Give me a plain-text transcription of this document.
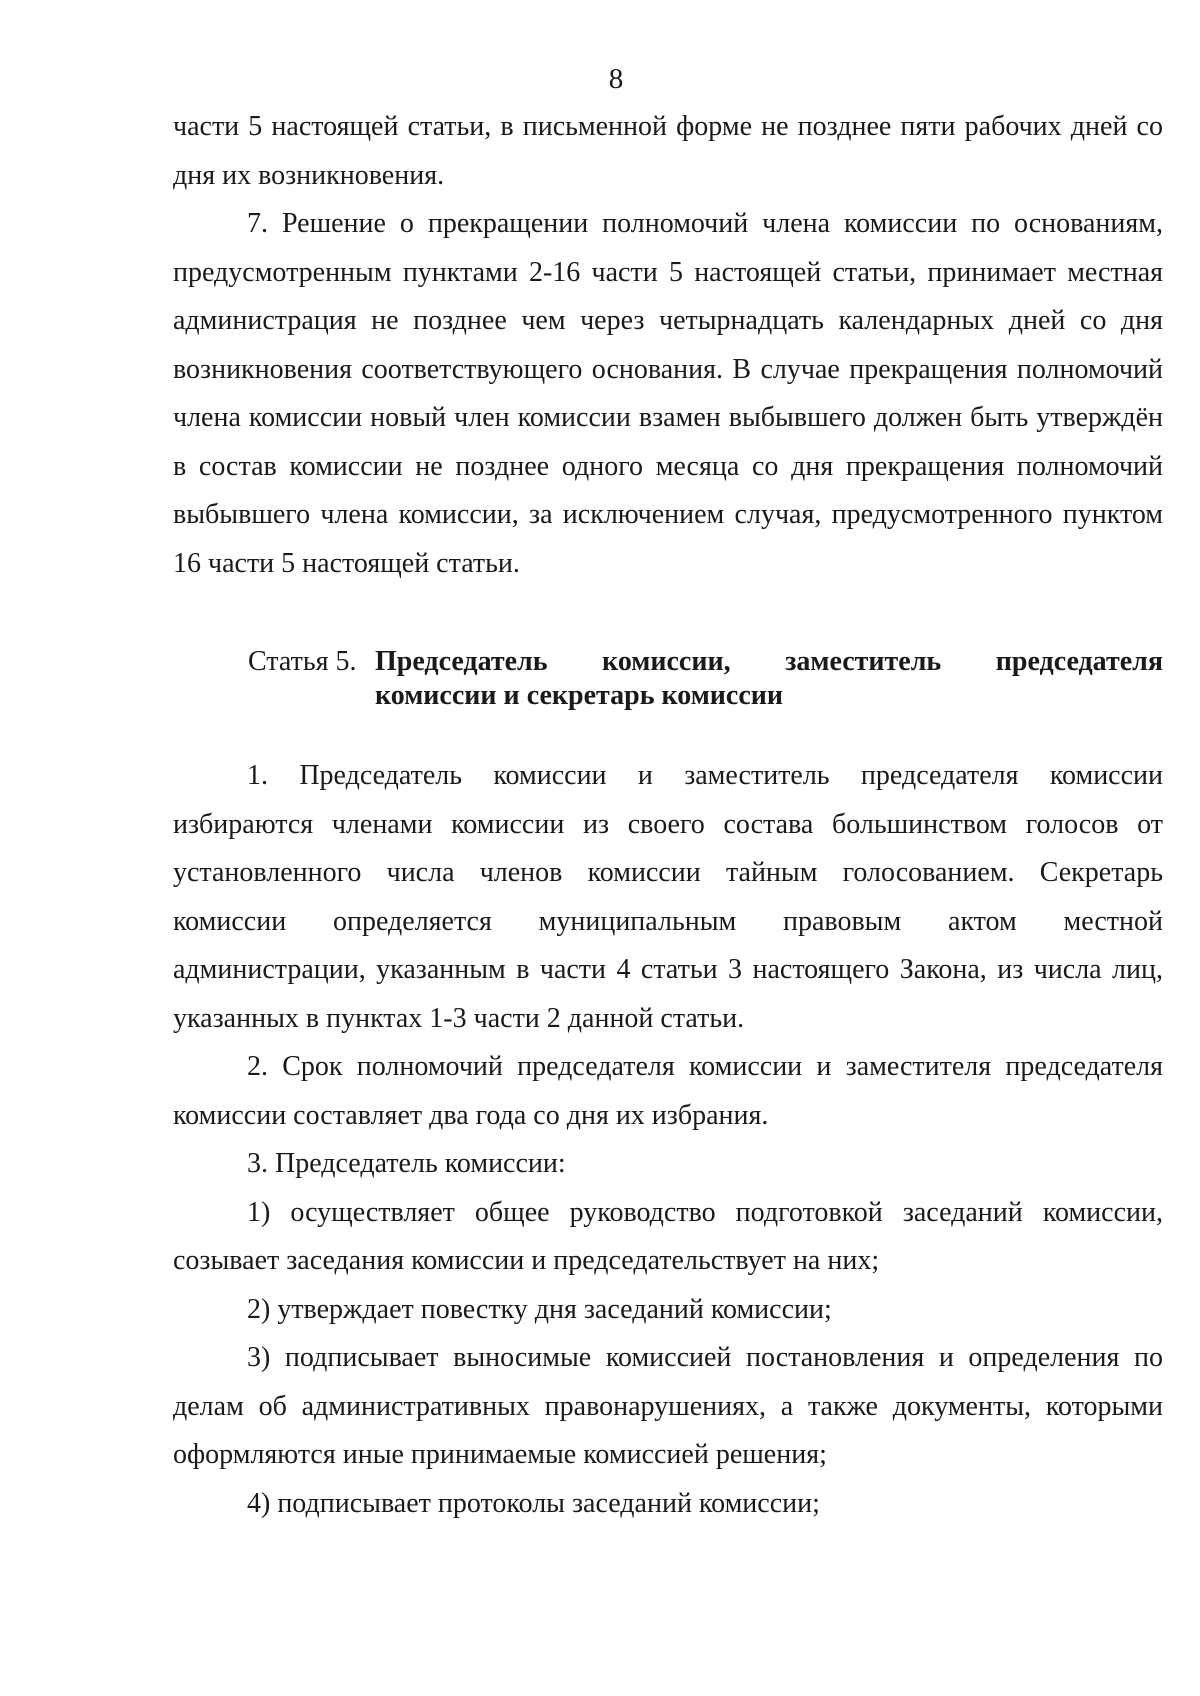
8

части 5 настоящей статьи, в письменной форме не позднее пяти рабочих дней со дня их возникновения.

7. Решение о прекращении полномочий члена комиссии по основаниям, предусмотренным пунктами 2-16 части 5 настоящей статьи, принимает местная администрация не позднее чем через четырнадцать календарных дней со дня возникновения соответствующего основания. В случае прекращения полномочий члена комиссии новый член комиссии взамен выбывшего должен быть утверждён в состав комиссии не позднее одного месяца со дня прекращения полномочий выбывшего члена комиссии, за исключением случая, предусмотренного пунктом 16 части 5 настоящей статьи.

Статья 5. Председатель комиссии, заместитель председателя
комиссии и секретарь комиссии

1. Председатель комиссии и заместитель председателя комиссии избираются членами комиссии из своего состава большинством голосов от установленного числа членов комиссии тайным голосованием. Секретарь комиссии определяется муниципальным правовым актом местной администрации, указанным в части 4 статьи 3 настоящего Закона, из числа лиц, указанных в пунктах 1-3 части 2 данной статьи.

2. Срок полномочий председателя комиссии и заместителя председателя комиссии составляет два года со дня их избрания.

3. Председатель комиссии:

1) осуществляет общее руководство подготовкой заседаний комиссии, созывает заседания комиссии и председательствует на них;

2) утверждает повестку дня заседаний комиссии;

3) подписывает выносимые комиссией постановления и определения по делам об административных правонарушениях, а также документы, которыми оформляются иные принимаемые комиссией решения;

4) подписывает протоколы заседаний комиссии;
